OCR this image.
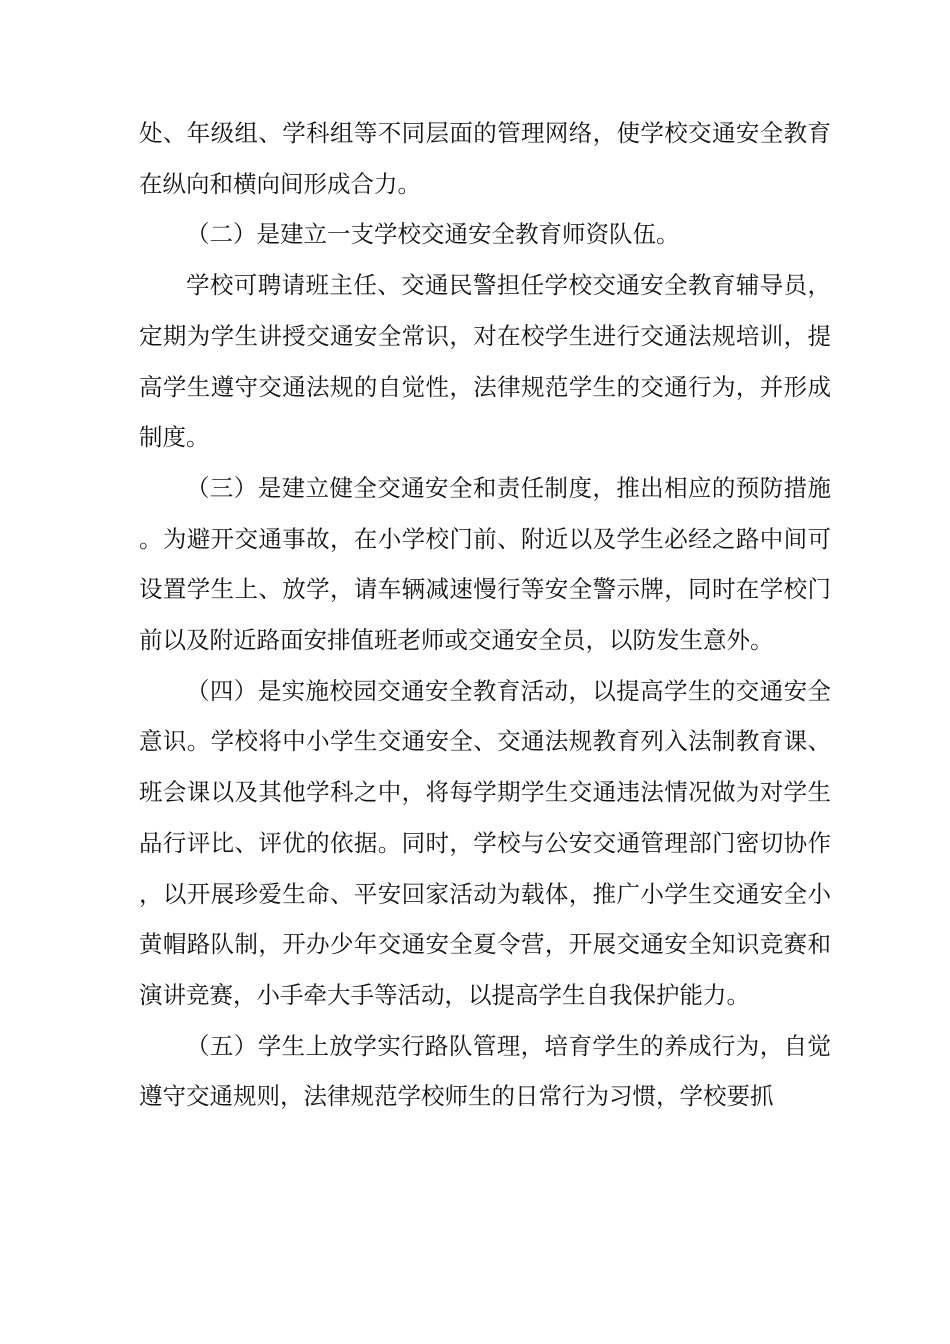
处、年级组、学科组等不同层面的管理网络，使学校交通安全教育在纵向和横向间形成合力。

（二）是建立一支学校交通安全教育师资队伍。

学校可聘请班主任、交通民警担任学校交通安全教育辅导员，定期为学生讲授交通安全常识，对在校学生进行交通法规培训，提高学生遵守交通法规的自觉性，法律规范学生的交通行为，并形成制度。

（三）是建立健全交通安全和责任制度，推出相应的预防措施。为避开交通事故，在小学校门前、附近以及学生必经之路中间可设置学生上、放学，请车辆减速慢行等安全警示牌，同时在学校门前以及附近路面安排值班老师或交通安全员，以防发生意外。

（四）是实施校园交通安全教育活动，以提高学生的交通安全意识。学校将中小学生交通安全、交通法规教育列入法制教育课、班会课以及其他学科之中，将每学期学生交通违法情况做为对学生品行评比、评优的依据。同时，学校与公安交通管理部门密切协作，以开展珍爱生命、平安回家活动为载体，推广小学生交通安全小黄帽路队制，开办少年交通安全夏令营，开展交通安全知识竞赛和演讲竞赛，小手牵大手等活动，以提高学生自我保护能力。

（五）学生上放学实行路队管理，培育学生的养成行为，自觉遵守交通规则，法律规范学校师生的日常行为习惯，学校要抓
